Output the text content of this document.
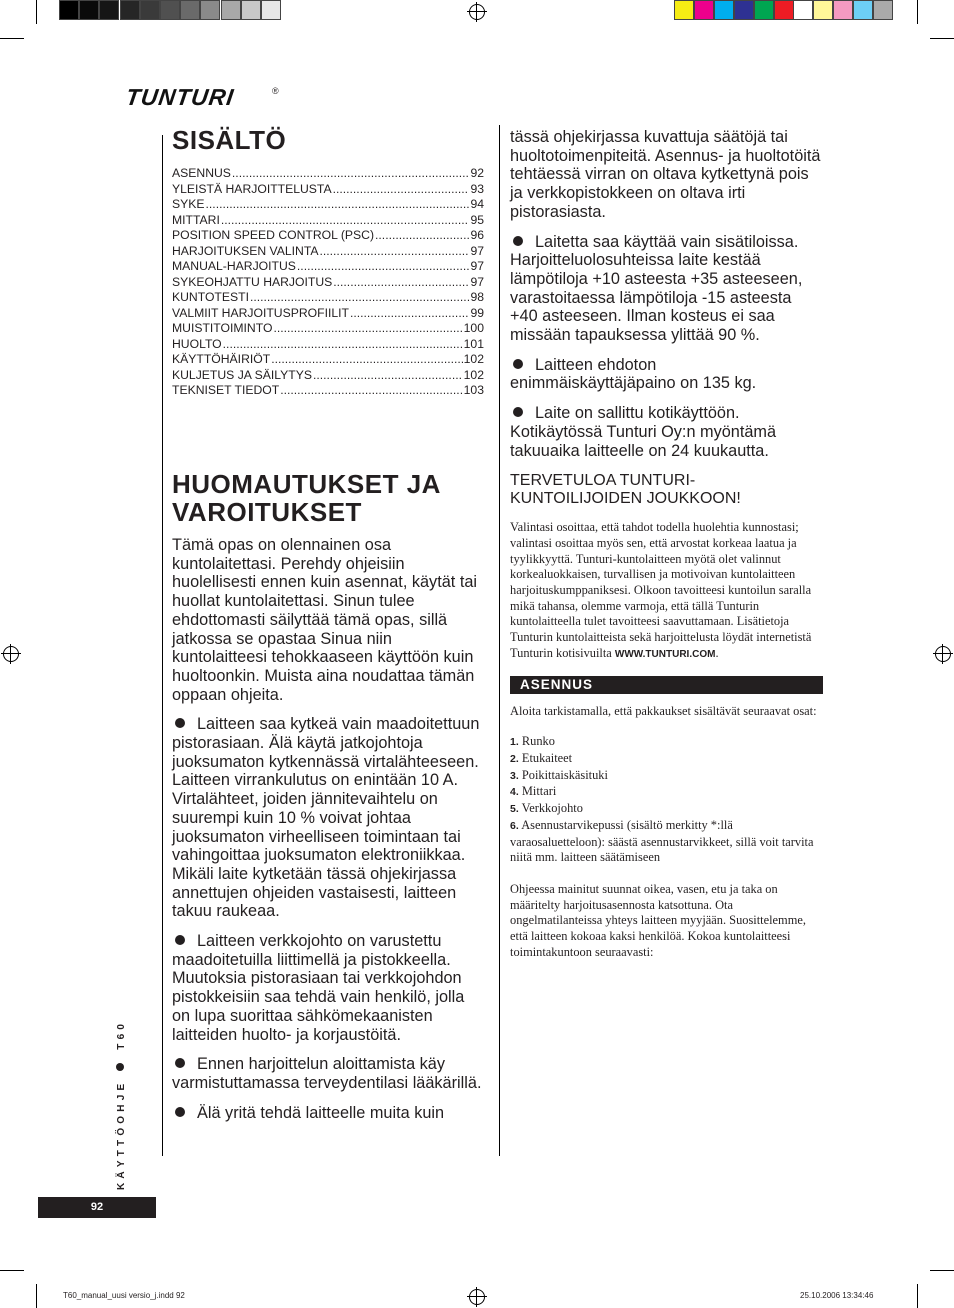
TUNTURI	®
SISÄLTÖ
ASENNUS .....	92
YLEISTÄ HARJOITTELUSTA .....	93
SYKE .....	94
MITTARI .....	95
POSITION SPEED CONTROL (PSC) .....	96
HARJOITUKSEN VALINTA .....	97
MANUAL-HARJOITUS .....	97
SYKEOHJATTU HARJOITUS .....	97
KUNTOTESTI .....	98
VALMIIT HARJOITUSPROFIILIT .....	99
MUISTITOIMINTO .....	100
HUOLTO .....	101
KÄYTTÖHÄIRIÖT .....	102
KULJETUS JA SÄILYTYS .....	102
TEKNISET TIEDOT .....	103
HUOMAUTUKSET JA
VAROITUKSET

Tämä opas on olennainen osa kuntolaitettasi. Perehdy ohjeisiin huolellisesti ennen kuin asennat, käytät tai huollat kuntolaitettasi. Sinun tulee ehdottomasti säilyttää tämä opas, sillä jatkossa se opastaa Sinua niin kuntolaitteesi tehokkaaseen käyttöön kuin huoltoonkin. Muista aina noudattaa tämän oppaan ohjeita.

Laitteen saa kytkeä vain maadoitettuun pistorasiaan. Älä käytä jatkojohtoja juoksumaton kytkennässä virtalähteeseen. Laitteen virrankulutus on enintään 10 A. Virtalähteet, joiden jännitevaihtelu on suurempi kuin 10 % voivat johtaa juoksumaton virheelliseen toimintaan tai vahingoittaa juoksumaton elektroniikkaa. Mikäli laite kytketään tässä ohjekirjassa annettujen ohjeiden vastaisesti, laitteen takuu raukeaa.

Laitteen verkkojohto on varustettu maadoitetuilla liittimellä ja pistokkeella. Muutoksia pistorasiaan tai verkkojohdon pistokkeisiin saa tehdä vain henkilö, jolla on lupa suorittaa sähkömekaanisten laitteiden huolto- ja korjaustöitä.

Ennen harjoittelun aloittamista käy varmistuttamassa terveydentilasi lääkärillä.

Älä yritä tehdä laitteelle muita kuin

tässä ohjekirjassa kuvattuja säätöjä tai huoltotoimenpiteitä. Asennus- ja huoltotöitä tehtäessä virran on oltava kytkettynä pois ja verkkopistokkeen on oltava irti pistorasiasta.

Laitetta saa käyttää vain sisätiloissa. Harjoitteluolosuhteissa laite kestää lämpötiloja +10 asteesta +35 asteeseen, varastoitaessa lämpötiloja -15 asteesta +40 asteeseen. Ilman kosteus ei saa missään tapauksessa ylittää 90 %.

Laitteen ehdoton enimmäiskäyttäjäpaino on 135 kg.

Laite on sallittu kotikäyttöön. Kotikäytössä Tunturi Oy:n myöntämä takuuaika laitteelle on 24 kuukautta.

TERVETULOA TUNTURI-
KUNTOILIJOIDEN JOUKKOON!

Valintasi osoittaa, että tahdot todella huolehtia kunnostasi; valintasi osoittaa myös sen, että arvostat korkeaa laatua ja tyylikkyyttä. Tunturi-kuntolaitteen myötä olet valinnut korkealuokkaisen, turvallisen ja motivoivan kuntolaitteen harjoituskumppaniksesi. Olkoon tavoitteesi kuntoilun saralla mikä tahansa, olemme varmoja, että tällä Tunturin kuntolaitteella tulet tavoitteesi saavuttamaan. Lisätietoja Tunturin kuntolaitteista sekä harjoittelusta löydät internetistä Tunturin kotisivuilta WWW.TUNTURI.COM.

ASENNUS

Aloita tarkistamalla, että pakkaukset sisältävät seuraavat osat:

1. Runko
2. Etukaiteet
3. Poikittaiskäsituki
4. Mittari
5. Verkkojohto
6. Asennustarvikepussi (sisältö merkitty *:llä varaosaluetteloon): säästä asennustarvikkeet, sillä voit tarvita niitä mm. laitteen säätämiseen

Ohjeessa mainitut suunnat oikea, vasen, etu ja taka on määritelty harjoitusasennosta katsottuna. Ota ongelmatilanteissa yhteys laitteen myyjään. Suosittelemme, että laitteen kokoaa kaksi henkilöä. Kokoa kuntolaitteesi toimintakuntoon seuraavasti:

KÄYTTÖOHJE  T60
92
T60_manual_uusi versio_j.indd 92	25.10.2006 13:34:46
